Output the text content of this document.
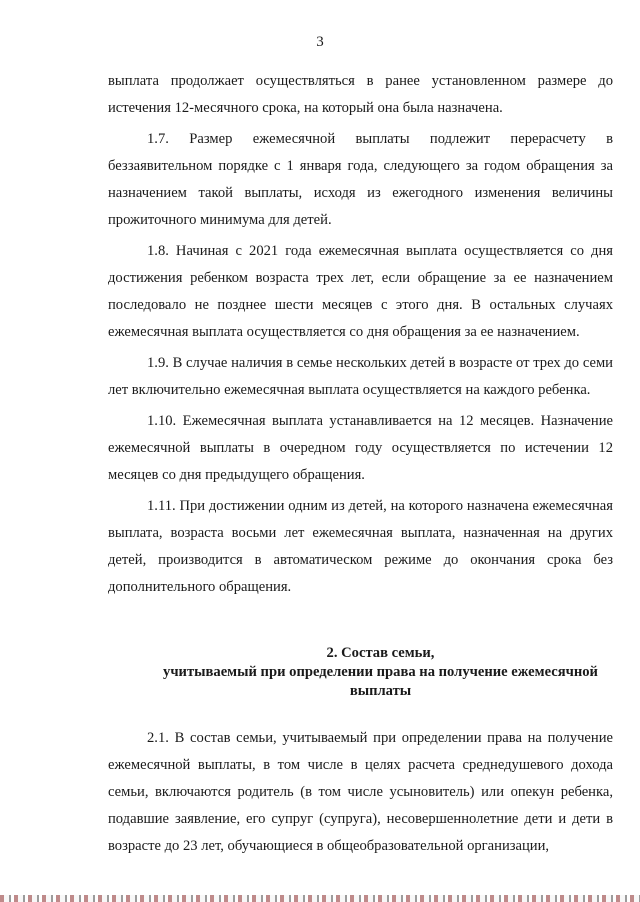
3

выплата продолжает осуществляться в ранее установленном размере до истечения 12-месячного срока, на который она была назначена.

1.7. Размер ежемесячной выплаты подлежит перерасчету в беззаявительном порядке с 1 января года, следующего за годом обращения за назначением такой выплаты, исходя из ежегодного изменения величины прожиточного минимума для детей.

1.8. Начиная с 2021 года ежемесячная выплата осуществляется со дня достижения ребенком возраста трех лет, если обращение за ее назначением последовало не позднее шести месяцев с этого дня. В остальных случаях ежемесячная выплата осуществляется со дня обращения за ее назначением.

1.9. В случае наличия в семье нескольких детей в возрасте от трех до семи лет включительно ежемесячная выплата осуществляется на каждого ребенка.

1.10. Ежемесячная выплата устанавливается на 12 месяцев. Назначение ежемесячной выплаты в очередном году осуществляется по истечении 12 месяцев со дня предыдущего обращения.

1.11. При достижении одним из детей, на которого назначена ежемесячная выплата, возраста восьми лет ежемесячная выплата, назначенная на других детей, производится в автоматическом режиме до окончания срока без дополнительного обращения.

2. Состав семьи,
учитываемый при определении права на получение ежемесячной
выплаты

2.1. В состав семьи, учитываемый при определении права на получение ежемесячной выплаты, в том числе в целях расчета среднедушевого дохода семьи, включаются родитель (в том числе усыновитель) или опекун ребенка, подавшие заявление, его супруг (супруга), несовершеннолетние дети и дети в возрасте до 23 лет, обучающиеся в общеобразовательной организации,
